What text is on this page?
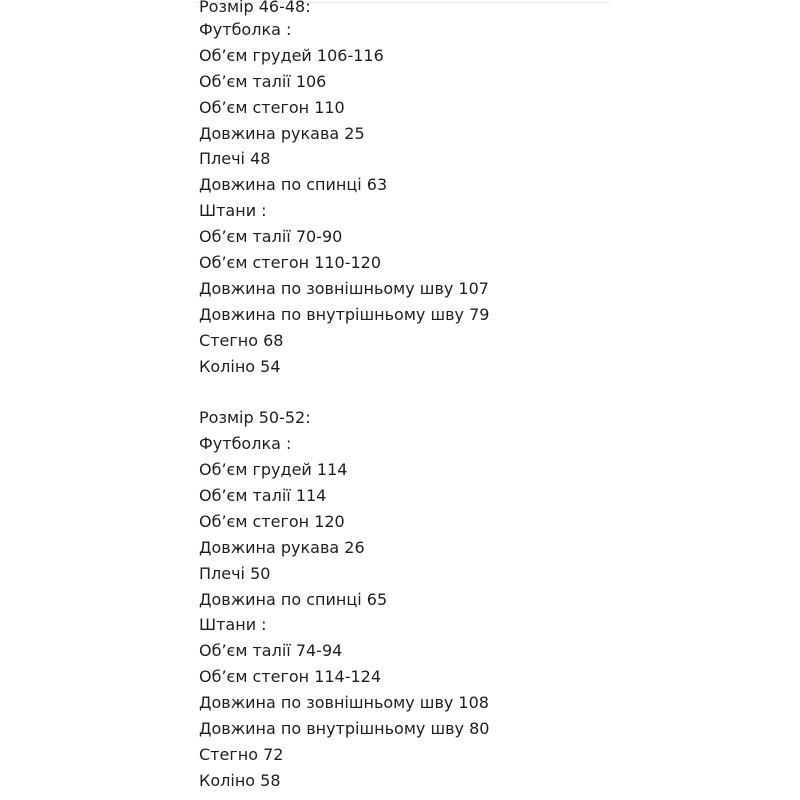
Розмір 46-48:
Футболка :
Об’єм грудей 106-116
Об’єм талії 106
Об’єм стегон 110
Довжина рукава 25
Плечі 48
Довжина по спинці 63
Штани :
Об’єм талії 70-90
Об’єм стегон 110-120
Довжина по зовнішньому шву 107
Довжина по внутрішньому шву 79
Стегно 68
Коліно 54
Розмір 50-52:
Футболка :
Об’єм грудей 114
Об’єм талії 114
Об’єм стегон 120
Довжина рукава 26
Плечі 50
Довжина по спинці 65
Штани :
Об’єм талії 74-94
Об’єм стегон 114-124
Довжина по зовнішньому шву 108
Довжина по внутрішньому шву 80
Стегно 72
Коліно 58
